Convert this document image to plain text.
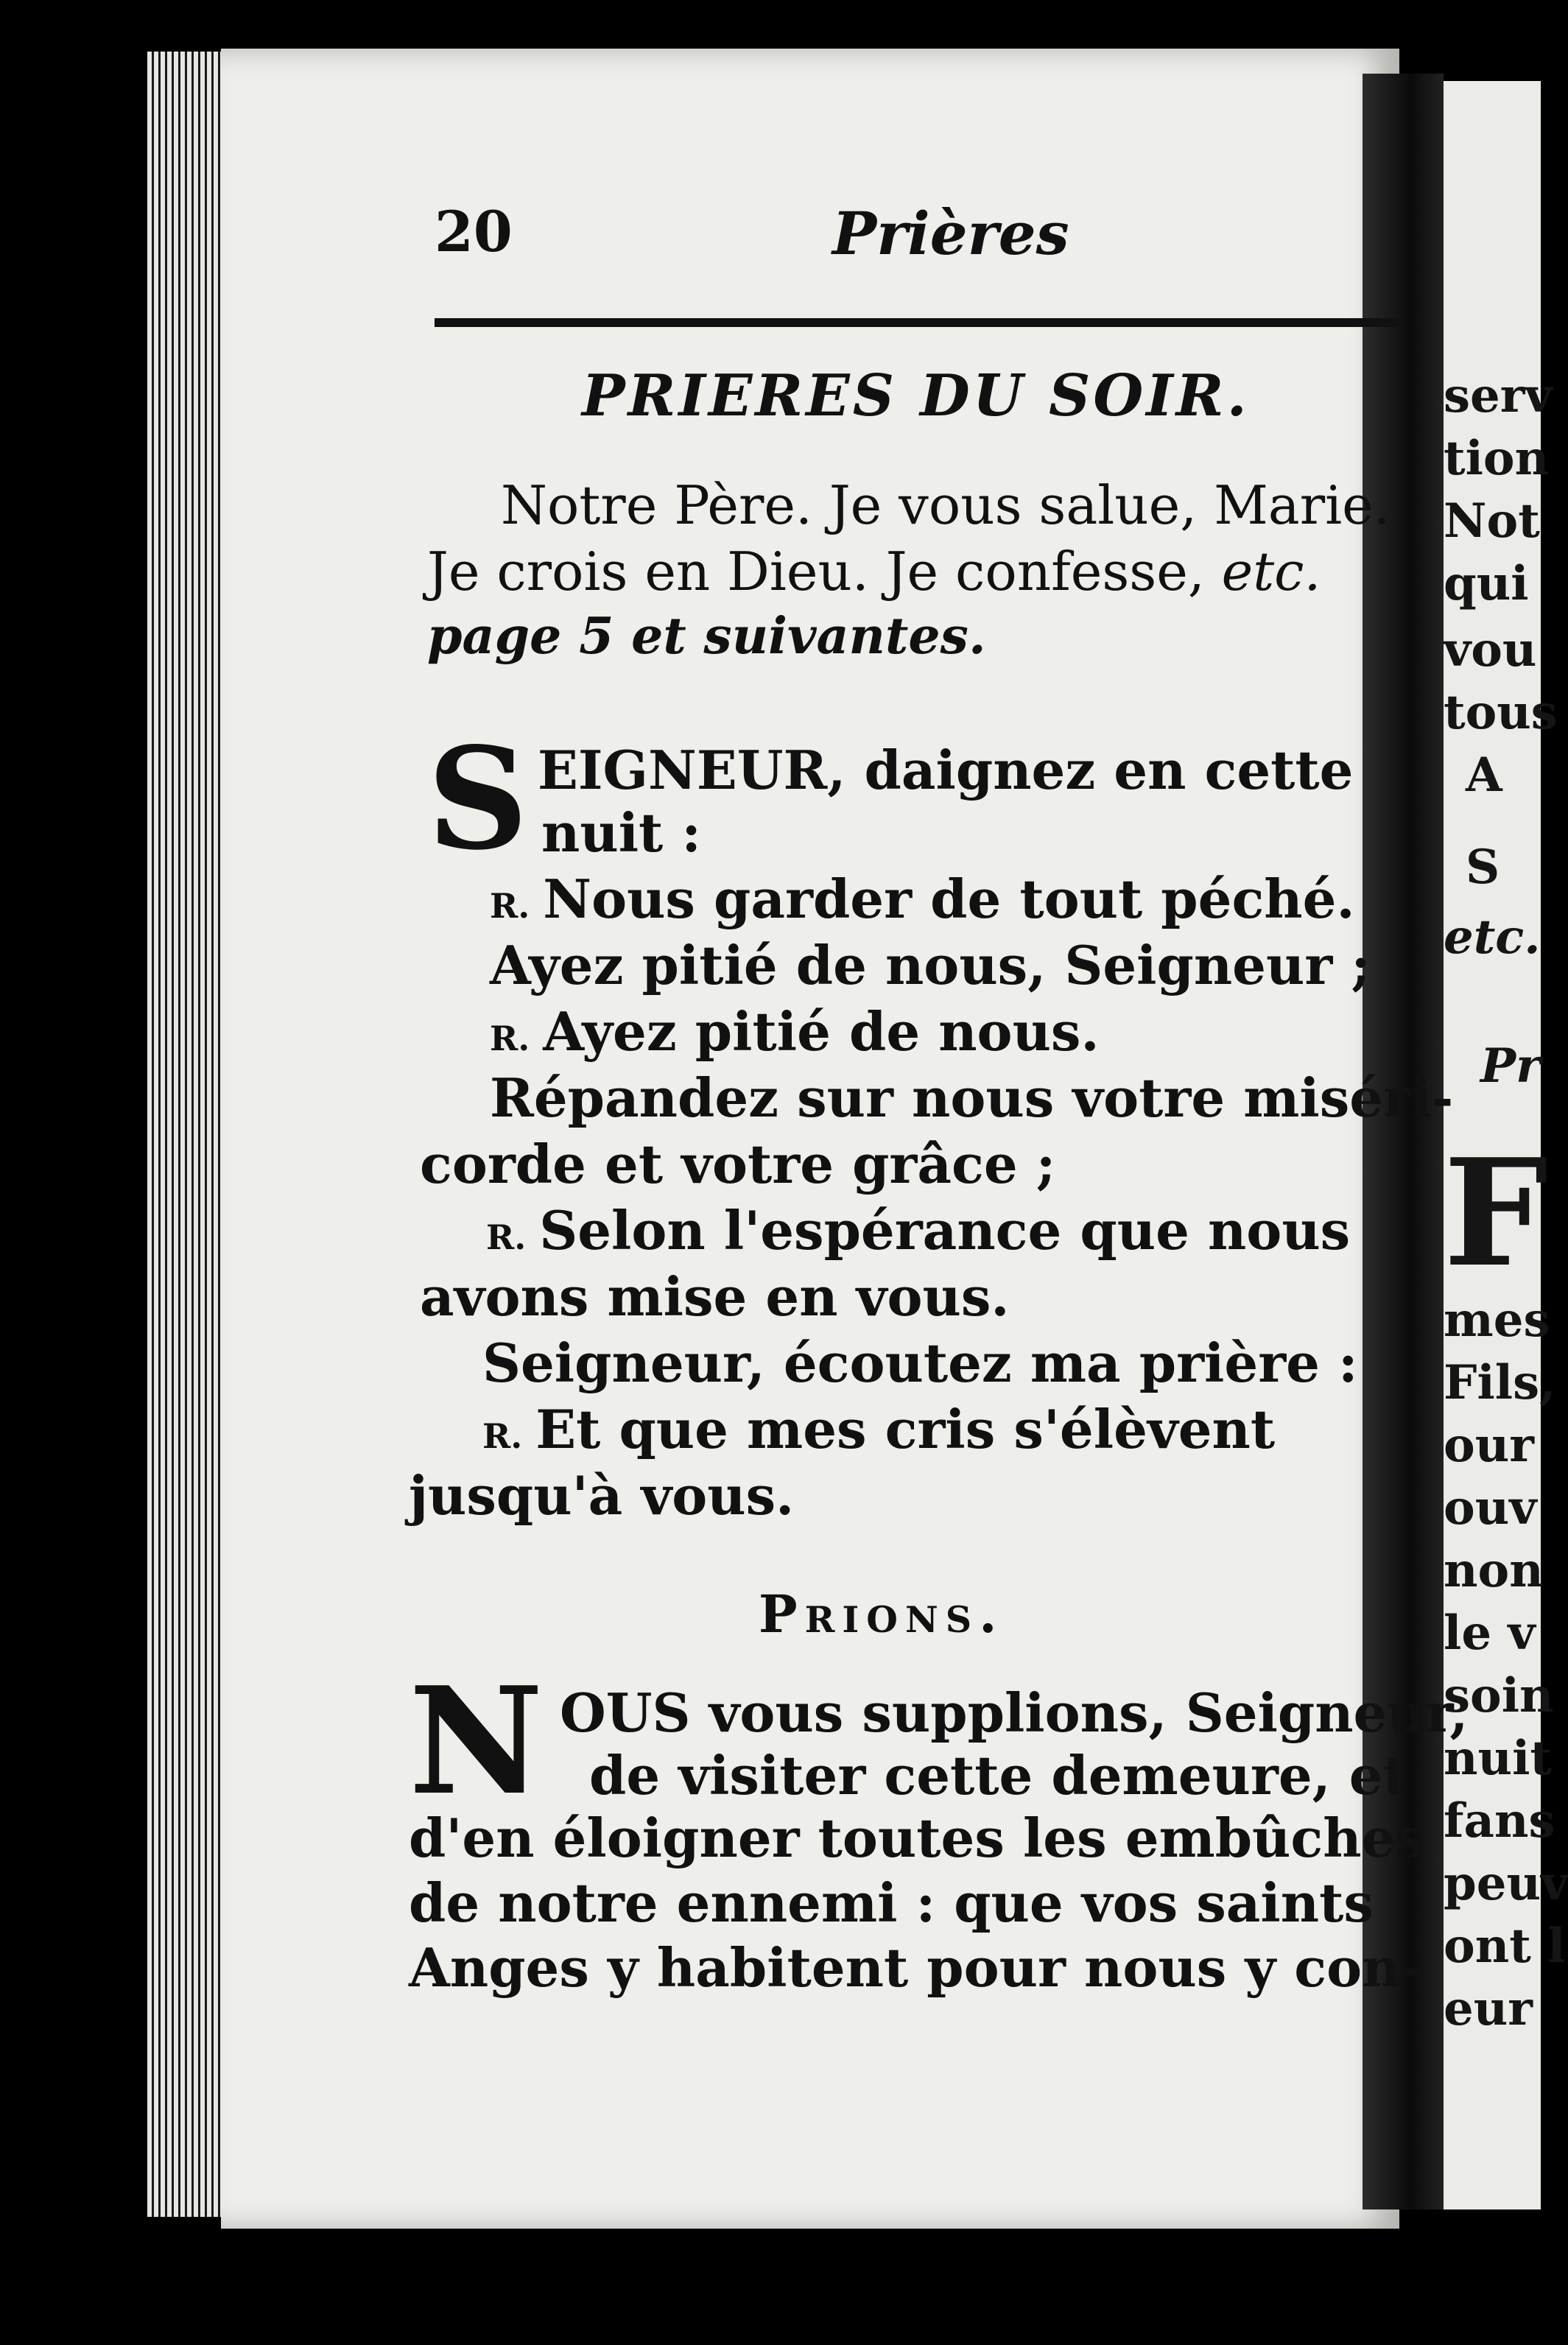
serv
tion
Not
qui
vou
tous
A
S
etc.
Pr
F
mes
Fils,
our
ouv
non
le v
soin
nuit
fans
peuv
ont l
eur
20	Prières
PRIERES DU SOIR.
Notre Père. Je vous salue, Marie.
Je crois en Dieu. Je confesse, etc.
page 5 et suivantes.
S EIGNEUR, daignez en cette
nuit :
R. Nous garder de tout péché.
Ayez pitié de nous, Seigneur ;
R. Ayez pitié de nous.
Répandez sur nous votre miséri-
corde et votre grâce ;
R. Selon l'espérance que nous
avons mise en vous.
Seigneur, écoutez ma prière :
R. Et que mes cris s'élèvent
jusqu'à vous.
Prions.
N OUS vous supplions, Seigneur,
de visiter cette demeure, et
d'en éloigner toutes les embûches
de notre ennemi : que vos saints
Anges y habitent pour nous y con-
